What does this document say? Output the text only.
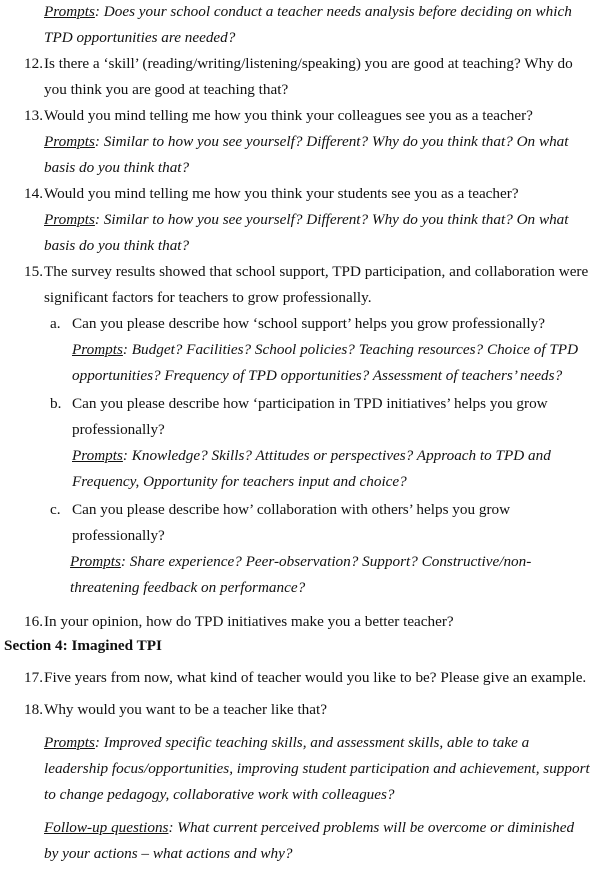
Prompts: Does your school conduct a teacher needs analysis before deciding on which
TPD opportunities are needed?
12. Is there a ‘skill’ (reading/writing/listening/speaking) you are good at teaching? Why do
you think you are good at teaching that?
13. Would you mind telling me how you think your colleagues see you as a teacher?
Prompts: Similar to how you see yourself? Different? Why do you think that? On what
basis do you think that?
14. Would you mind telling me how you think your students see you as a teacher?
Prompts: Similar to how you see yourself? Different? Why do you think that? On what
basis do you think that?
15. The survey results showed that school support, TPD participation, and collaboration were
significant factors for teachers to grow professionally.
a. Can you please describe how ‘school support’ helps you grow professionally?
Prompts: Budget? Facilities? School policies? Teaching resources? Choice of TPD
opportunities? Frequency of TPD opportunities? Assessment of teachers’ needs?
b. Can you please describe how ‘participation in TPD initiatives’ helps you grow
professionally?
Prompts: Knowledge? Skills? Attitudes or perspectives? Approach to TPD and
Frequency, Opportunity for teachers input and choice?
c. Can you please describe how’ collaboration with others’ helps you grow
professionally?
Prompts: Share experience? Peer-observation? Support? Constructive/non-
threatening feedback on performance?
16. In your opinion, how do TPD initiatives make you a better teacher?
Section 4: Imagined TPI
17. Five years from now, what kind of teacher would you like to be? Please give an example.
18. Why would you want to be a teacher like that?
Prompts: Improved specific teaching skills, and assessment skills, able to take a
leadership focus/opportunities, improving student participation and achievement, support
to change pedagogy, collaborative work with colleagues?
Follow-up questions: What current perceived problems will be overcome or diminished
by your actions – what actions and why?
